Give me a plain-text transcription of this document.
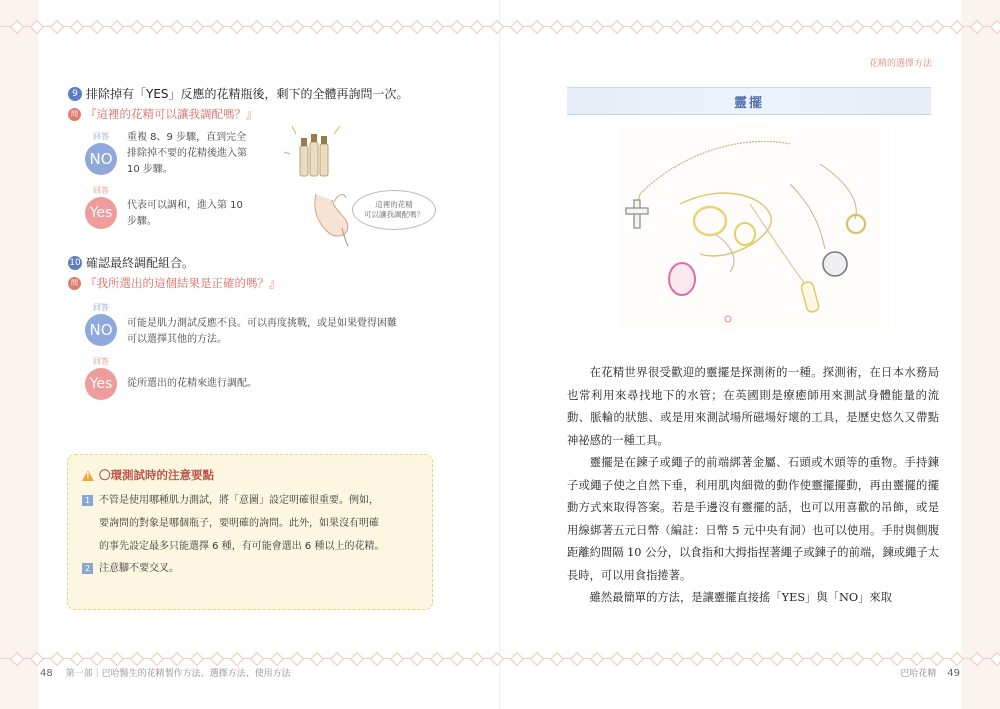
花精的選擇方法
9 排除掉有「YES」反應的花精瓶後，剩下的全體再詢問一次。
問 『這裡的花精可以讓我調配嗎？』
回答
NO
重複 8、9 步驟，直到完全
排除掉不要的花精後進入第
10 步驟。
回答
Yes	代表可以調和，進入第 10
步驟。
這裡的花精
可以讓我調配嗎？
10 確認最終調配組合。
問 『我所選出的這個結果是正確的嗎？』
回答
NO	可能是肌力測試反應不良。可以再度挑戰，或是如果覺得困難
可以選擇其他的方法。
回答
Yes	從所選出的花精來進行調配。
!
〇環測試時的注意要點
1 不管是使用哪種肌力測試，將「意圖」設定明確很重要。例如，
要詢問的對象是哪個瓶子，要明確的詢問。此外，如果沒有明確
的事先設定最多只能選擇 6 種，有可能會選出 6 種以上的花精。
2 注意腳不要交叉。
靈擺

在花精世界很受歡迎的靈擺是探測術的一種。探測術，在日本水務局也常利用來尋找地下的水管；在英國則是療癒師用來測試身體能量的流動、脈輪的狀態、或是用來測試場所磁場好壞的工具，是歷史悠久又帶點神祕感的一種工具。

靈擺是在鍊子或繩子的前端綁著金屬、石頭或木頭等的重物。手持鍊子或繩子使之自然下垂，利用肌肉細微的動作使靈擺擺動，再由靈擺的擺動方式來取得答案。若是手邊沒有靈擺的話，也可以用喜歡的吊飾，或是用線綁著五元日幣（編註：日幣 5 元中央有洞）也可以使用。手肘與側腹距離約間隔 10 公分，以食指和大拇指捏著繩子或鍊子的前端，鍊或繩子太長時，可以用食指捲著。

雖然最簡單的方法，是讓靈擺直接搖「YES」與「NO」來取

48 第一部｜巴哈醫生的花精製作方法、選擇方法、使用方法	巴哈花精 49
